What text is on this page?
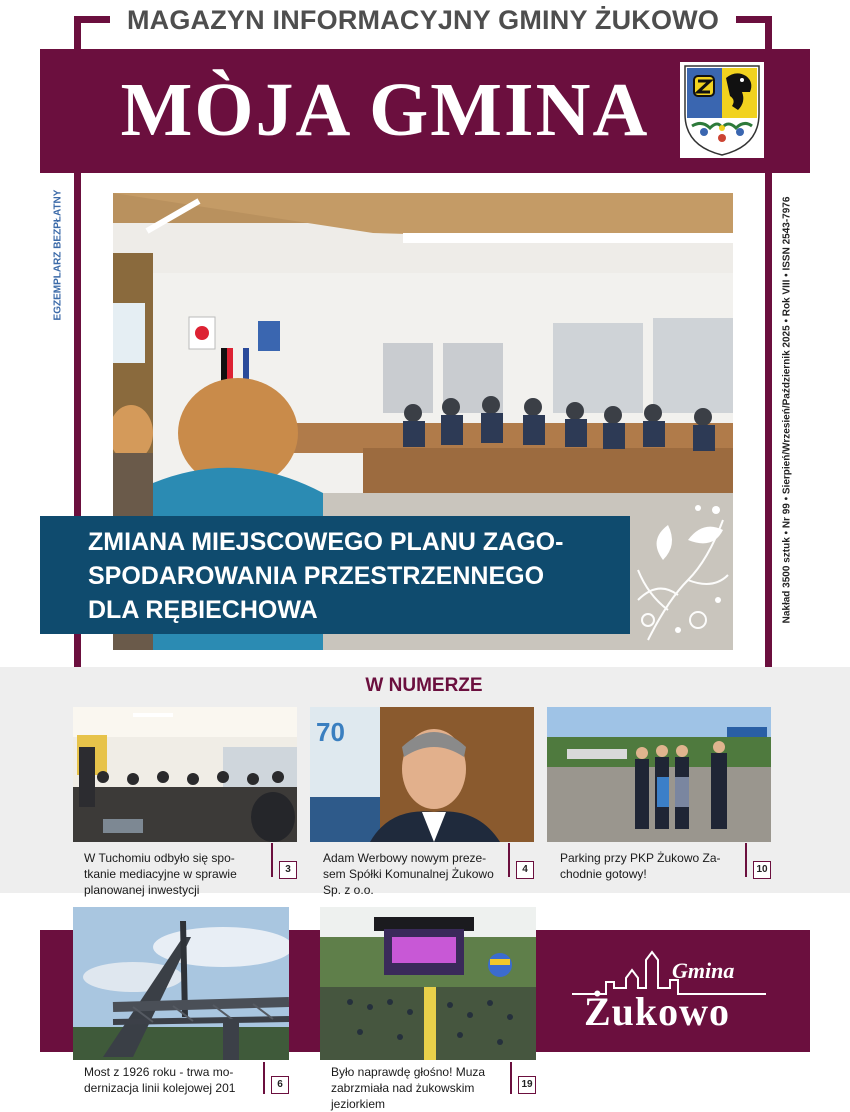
MAGAZYN INFORMACYJNY GMINY ŻUKOWO
MÒJA GMINA
EGZEMPLARZ BEZPŁATNY	Nakład 3500 sztuk • Nr 99 • Sierpień/Wrzesień/Październik 2025 • Rok VIII • ISSN 2543-7976
ZMIANA MIEJSCOWEGO PLANU ZAGO-
SPODAROWANIA PRZESTRZENNEGO
DLA RĘBIECHOWA
W NUMERZE
70
W Tuchomiu odbyło się spo-
tkanie mediacyjne w sprawie
planowanej inwestycji
3
Adam Werbowy nowym preze-
sem Spółki Komunalnej Żukowo
Sp. z o.o.
4
Parking przy PKP Żukowo Za-
chodnie gotowy!	10
Most z 1926 roku - trwa mo-
dernizacja linii kolejowej 201	6
Było naprawdę głośno! Muza
zabrzmiała nad żukowskim
jeziorkiem
19
Gmina
Żukowo
